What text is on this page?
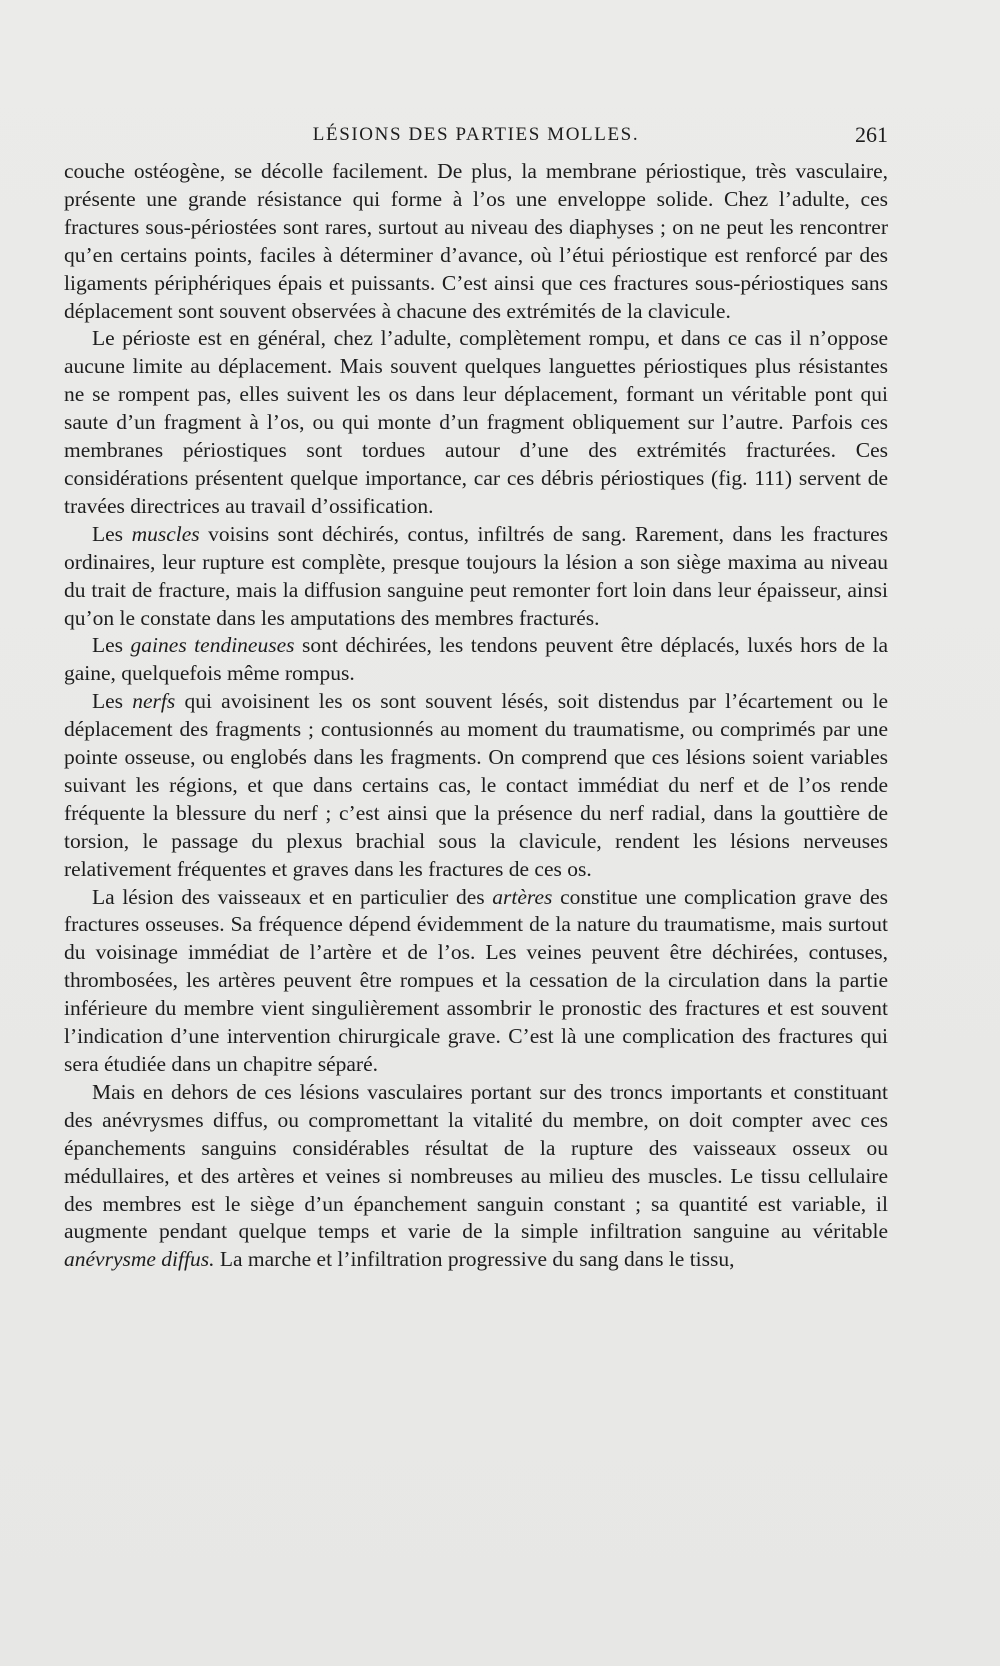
LÉSIONS DES PARTIES MOLLES.	261

couche ostéogène, se décolle facilement. De plus, la membrane périostique, très vasculaire, présente une grande résistance qui forme à l’os une enveloppe solide. Chez l’adulte, ces fractures sous-périostées sont rares, surtout au niveau des diaphyses ; on ne peut les rencontrer qu’en certains points, faciles à déterminer d’avance, où l’étui périostique est renforcé par des ligaments périphériques épais et puissants. C’est ainsi que ces fractures sous-périostiques sans déplacement sont souvent observées à chacune des extrémités de la clavicule.

Le périoste est en général, chez l’adulte, complètement rompu, et dans ce cas il n’oppose aucune limite au déplacement. Mais souvent quelques languettes périostiques plus résistantes ne se rompent pas, elles suivent les os dans leur déplacement, formant un véritable pont qui saute d’un fragment à l’os, ou qui monte d’un fragment obliquement sur l’autre. Parfois ces membranes périostiques sont tordues autour d’une des extrémités fracturées. Ces considérations présentent quelque importance, car ces débris périostiques (fig. 111) servent de travées directrices au travail d’ossification.

Les muscles voisins sont déchirés, contus, infiltrés de sang. Rarement, dans les fractures ordinaires, leur rupture est complète, presque toujours la lésion a son siège maxima au niveau du trait de fracture, mais la diffusion sanguine peut remonter fort loin dans leur épaisseur, ainsi qu’on le constate dans les amputations des membres fracturés.

Les gaines tendineuses sont déchirées, les tendons peuvent être déplacés, luxés hors de la gaine, quelquefois même rompus.

Les nerfs qui avoisinent les os sont souvent lésés, soit distendus par l’écartement ou le déplacement des fragments ; contusionnés au moment du traumatisme, ou comprimés par une pointe osseuse, ou englobés dans les fragments. On comprend que ces lésions soient variables suivant les régions, et que dans certains cas, le contact immédiat du nerf et de l’os rende fréquente la blessure du nerf ; c’est ainsi que la présence du nerf radial, dans la gouttière de torsion, le passage du plexus brachial sous la clavicule, rendent les lésions nerveuses relativement fréquentes et graves dans les fractures de ces os.

La lésion des vaisseaux et en particulier des artères constitue une complication grave des fractures osseuses. Sa fréquence dépend évidemment de la nature du traumatisme, mais surtout du voisinage immédiat de l’artère et de l’os. Les veines peuvent être déchirées, contuses, thrombosées, les artères peuvent être rompues et la cessation de la circulation dans la partie inférieure du membre vient singulièrement assombrir le pronostic des fractures et est souvent l’indication d’une intervention chirurgicale grave. C’est là une complication des fractures qui sera étudiée dans un chapitre séparé.

Mais en dehors de ces lésions vasculaires portant sur des troncs importants et constituant des anévrysmes diffus, ou compromettant la vitalité du membre, on doit compter avec ces épanchements sanguins considérables résultat de la rupture des vaisseaux osseux ou médullaires, et des artères et veines si nombreuses au milieu des muscles. Le tissu cellulaire des membres est le siège d’un épanchement sanguin constant ; sa quantité est variable, il augmente pendant quelque temps et varie de la simple infiltration sanguine au véritable anévrysme diffus. La marche et l’infiltration progressive du sang dans le tissu,
